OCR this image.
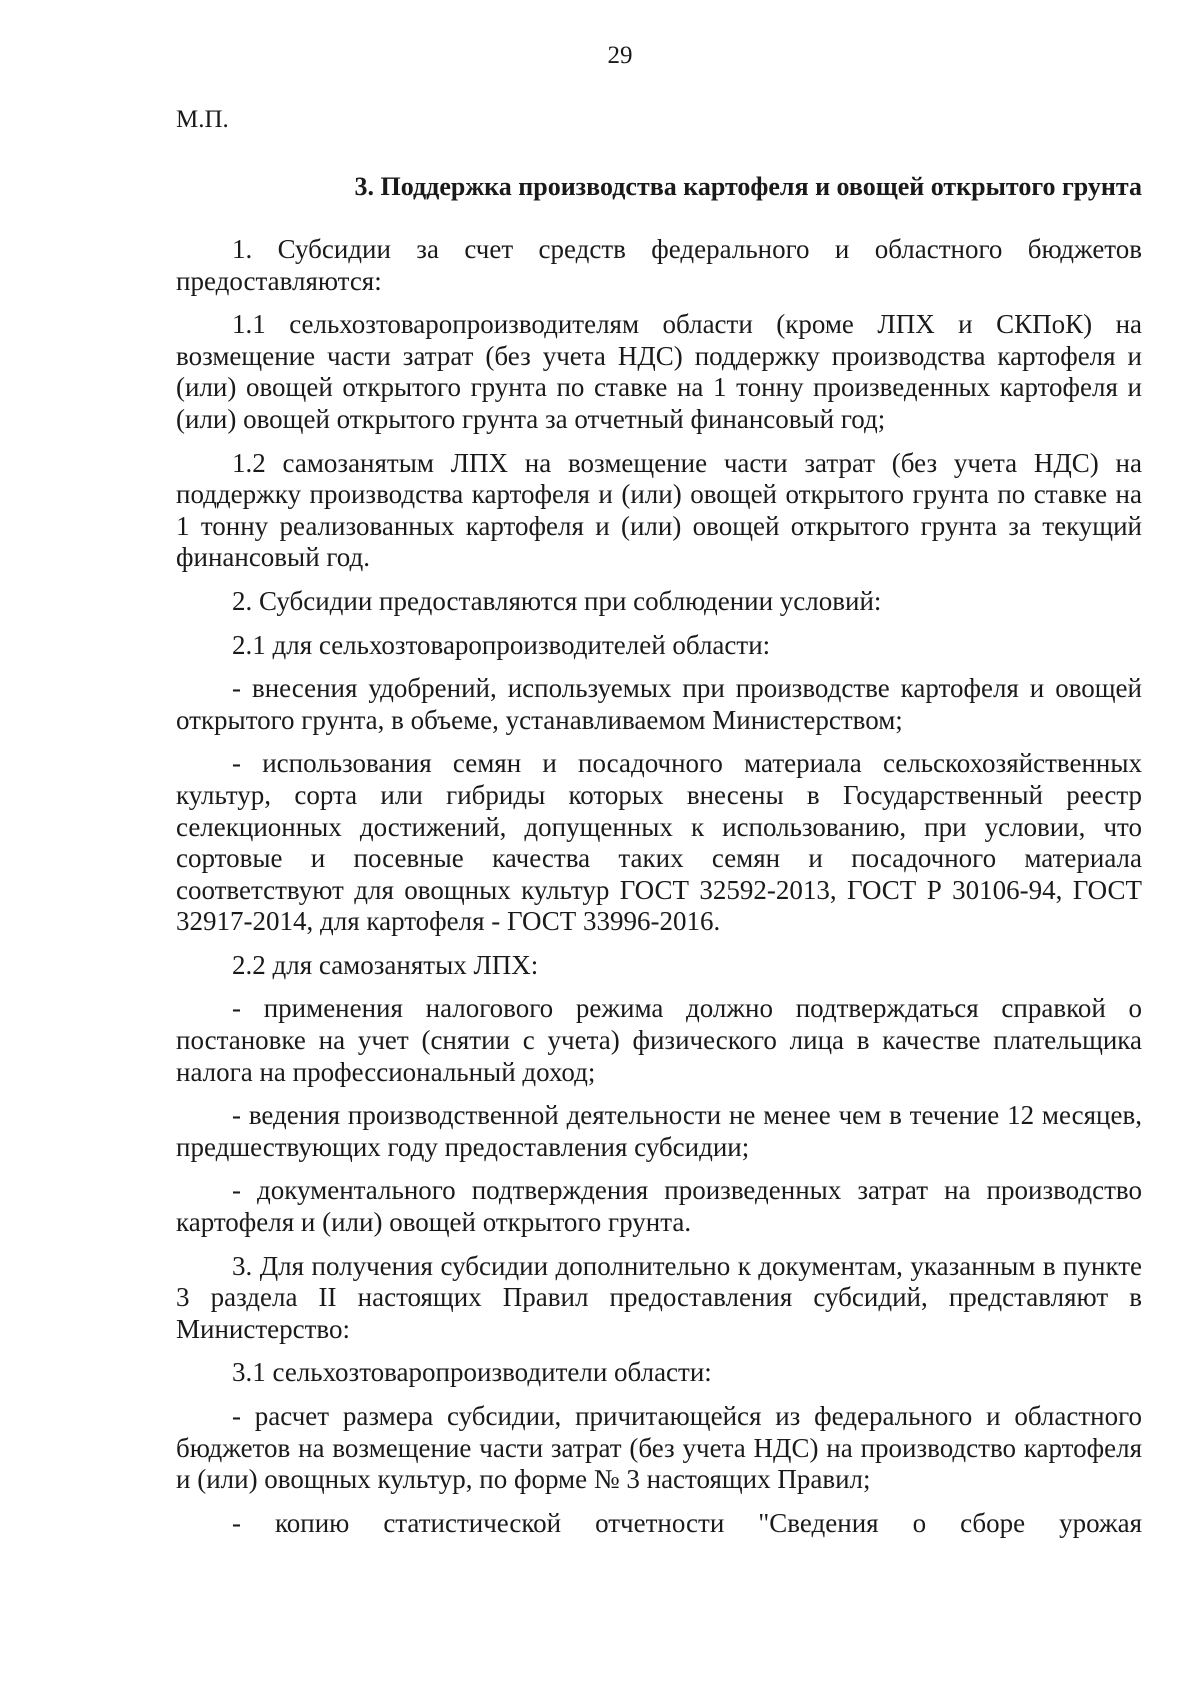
29
М.П.
3. Поддержка производства картофеля и овощей открытого грунта

1. Субсидии за счет средств федерального и областного бюджетов предоставляются:

1.1 сельхозтоваропроизводителям области (кроме ЛПХ и СКПоК) на возмещение части затрат (без учета НДС) поддержку производства картофеля и (или) овощей открытого грунта по ставке на 1 тонну произведенных картофеля и (или) овощей открытого грунта за отчетный финансовый год;

1.2 самозанятым ЛПХ на возмещение части затрат (без учета НДС) на поддержку производства картофеля и (или) овощей открытого грунта по ставке на 1 тонну реализованных картофеля и (или) овощей открытого грунта за текущий финансовый год.

2. Субсидии предоставляются при соблюдении условий:

2.1 для сельхозтоваропроизводителей области:

- внесения удобрений, используемых при производстве картофеля и овощей открытого грунта, в объеме, устанавливаемом Министерством;

- использования семян и посадочного материала сельскохозяйственных культур, сорта или гибриды которых внесены в Государственный реестр селекционных достижений, допущенных к использованию, при условии, что сортовые и посевные качества таких семян и посадочного материала соответствуют для овощных культур ГОСТ 32592-2013, ГОСТ Р 30106-94, ГОСТ 32917-2014, для картофеля - ГОСТ 33996-2016.

2.2 для самозанятых ЛПХ:

- применения налогового режима должно подтверждаться справкой о постановке на учет (снятии с учета) физического лица в качестве плательщика налога на профессиональный доход;

- ведения производственной деятельности не менее чем в течение 12 месяцев, предшествующих году предоставления субсидии;

- документального подтверждения произведенных затрат на производство картофеля и (или) овощей открытого грунта.

3. Для получения субсидии дополнительно к документам, указанным в пункте 3 раздела II настоящих Правил предоставления субсидий, представляют в Министерство:

3.1 сельхозтоваропроизводители области:

- расчет размера субсидии, причитающейся из федерального и областного бюджетов на возмещение части затрат (без учета НДС) на производство картофеля и (или) овощных культур, по форме № 3 настоящих Правил;

- копию статистической отчетности "Сведения о сборе урожая
